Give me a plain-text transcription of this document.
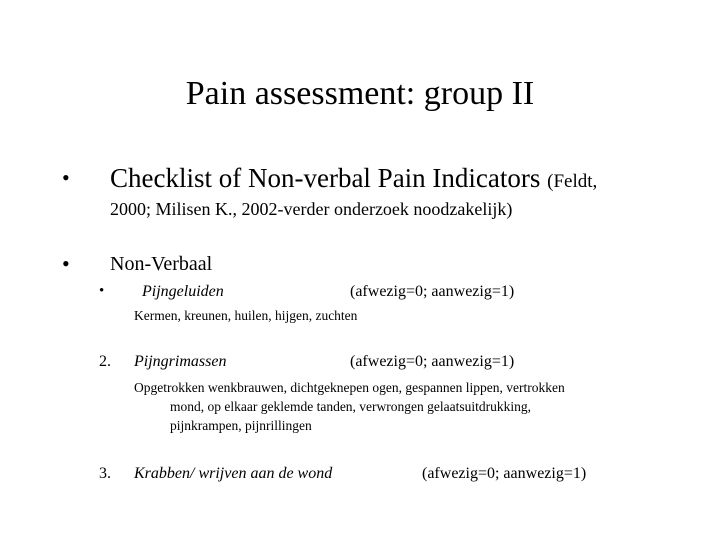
Pain assessment: group II
• Checklist of Non-verbal Pain Indicators (Feldt,
2000; Milisen K., 2002-verder onderzoek noodzakelijk)
• Non-Verbaal
• Pijngeluiden	(afwezig=0; aanwezig=1)
Kermen, kreunen, huilen, hijgen, zuchten
2. Pijngrimassen	(afwezig=0; aanwezig=1)
Opgetrokken wenkbrauwen, dichtgeknepen ogen, gespannen lippen, vertrokken
mond, op elkaar geklemde tanden, verwrongen gelaatsuitdrukking,
pijnkrampen, pijnrillingen
3. Krabben/ wrijven aan de wond	(afwezig=0; aanwezig=1)
